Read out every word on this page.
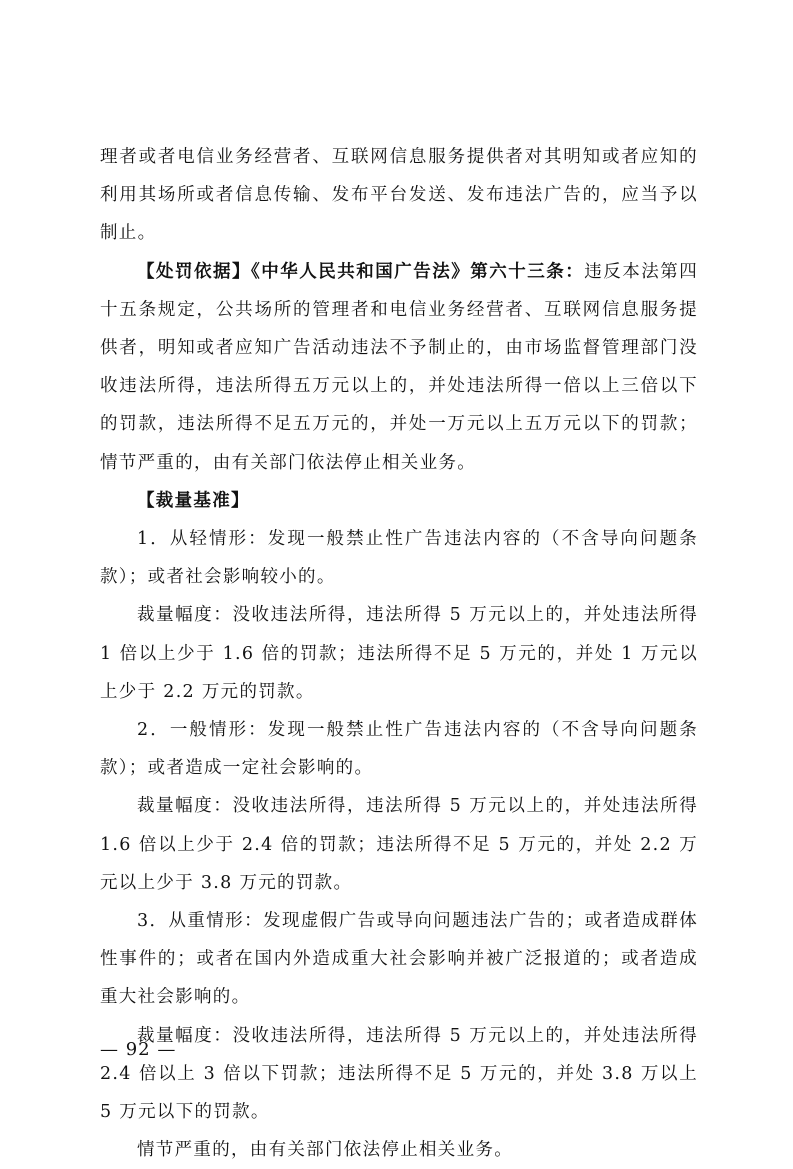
理者或者电信业务经营者、互联网信息服务提供者对其明知或者应知的利用其场所或者信息传输、发布平台发送、发布违法广告的，应当予以制止。

【处罚依据】《中华人民共和国广告法》第六十三条：违反本法第四十五条规定，公共场所的管理者和电信业务经营者、互联网信息服务提供者，明知或者应知广告活动违法不予制止的，由市场监督管理部门没收违法所得，违法所得五万元以上的，并处违法所得一倍以上三倍以下的罚款，违法所得不足五万元的，并处一万元以上五万元以下的罚款；情节严重的，由有关部门依法停止相关业务。

【裁量基准】

1．从轻情形：发现一般禁止性广告违法内容的（不含导向问题条款）；或者社会影响较小的。

裁量幅度：没收违法所得，违法所得 5 万元以上的，并处违法所得 1 倍以上少于 1.6 倍的罚款；违法所得不足 5 万元的，并处 1 万元以上少于 2.2 万元的罚款。

2．一般情形：发现一般禁止性广告违法内容的（不含导向问题条款）；或者造成一定社会影响的。

裁量幅度：没收违法所得，违法所得 5 万元以上的，并处违法所得 1.6 倍以上少于 2.4 倍的罚款；违法所得不足 5 万元的，并处 2.2 万元以上少于 3.8 万元的罚款。

3．从重情形：发现虚假广告或导向问题违法广告的；或者造成群体性事件的；或者在国内外造成重大社会影响并被广泛报道的；或者造成重大社会影响的。

裁量幅度：没收违法所得，违法所得 5 万元以上的，并处违法所得 2.4 倍以上 3 倍以下罚款；违法所得不足 5 万元的，并处 3.8 万以上 5 万元以下的罚款。

情节严重的，由有关部门依法停止相关业务。

— 92 —
